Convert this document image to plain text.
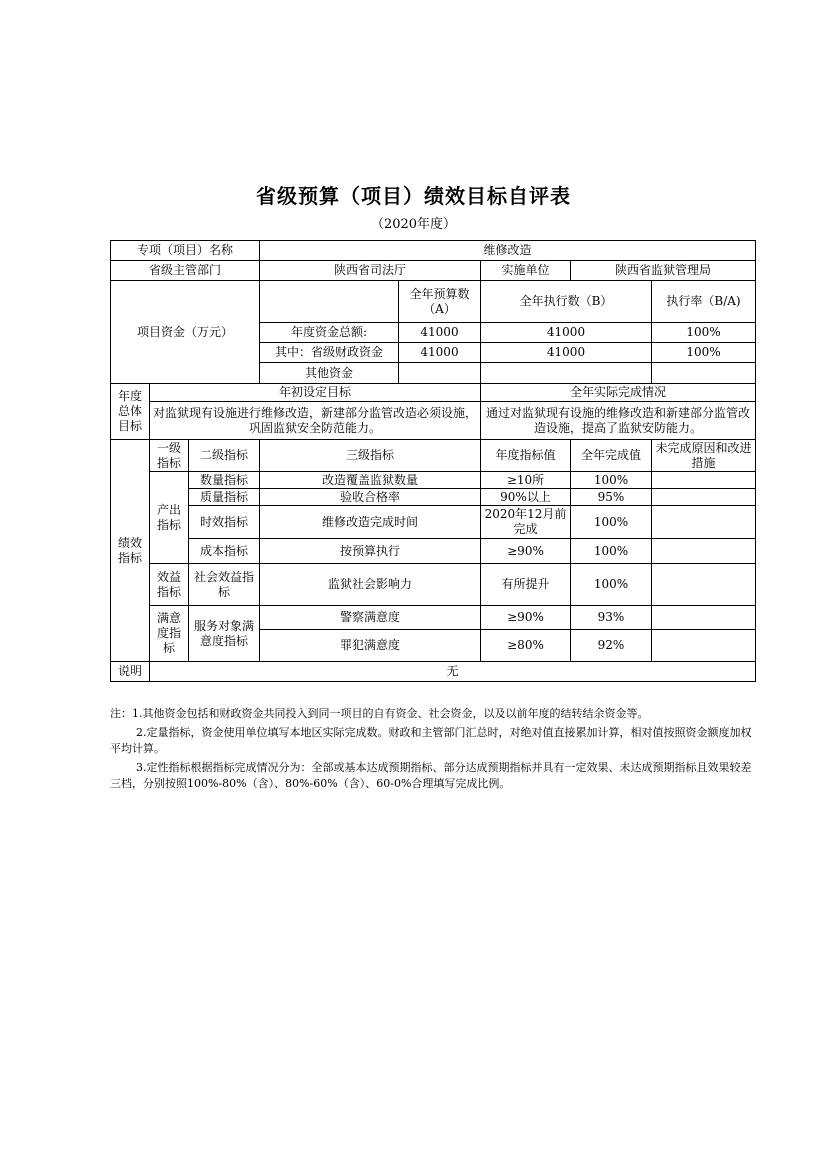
省级预算（项目）绩效目标自评表
（2020年度）
专项（项目）名称			维修改造				
省级主管部门			陕西省司法厅		实施单位	陕西省监狱管理局	
项目资金（万元）				全年预算数（A）	全年执行数（B）		执行率（B/A)
			年度资金总额:	41000	41000		100%
			其中：省级财政资金	41000	41000		100%
			其他资金				
年度总体目标	年初设定目标				全年实际完成情况		
	对监狱现有设施进行维修改造，新建部分监管改造必须设施，巩固监狱安全防范能力。				通过对监狱现有设施的维修改造和新建部分监管改造设施，提高了监狱安防能力。		
绩效指标	一级指标	二级指标	三级指标		年度指标值	全年完成值	未完成原因和改进措施
	产出指标	数量指标	改造覆盖监狱数量		≥10所	100%	
		质量指标	验收合格率		90%以上	95%	
		时效指标	维修改造完成时间		2020年12月前完成	100%	
		成本指标	按预算执行		≥90%	100%	
	效益指标	社会效益指标	监狱社会影响力		有所提升	100%	
	满意度指标	服务对象满意度指标	警察满意度		≥90%	93%	
			罪犯满意度		≥80%	92%	
说明	无						

注：1.其他资金包括和财政资金共同投入到同一项目的自有资金、社会资金，以及以前年度的结转结余资金等。

2.定量指标，资金使用单位填写本地区实际完成数。财政和主管部门汇总时，对绝对值直接累加计算，相对值按照资金额度加权平均计算。

3.定性指标根据指标完成情况分为：全部或基本达成预期指标、部分达成预期指标并具有一定效果、未达成预期指标且效果较差三档，分别按照100%-80%（含）、80%-60%（含）、60-0%合理填写完成比例。
